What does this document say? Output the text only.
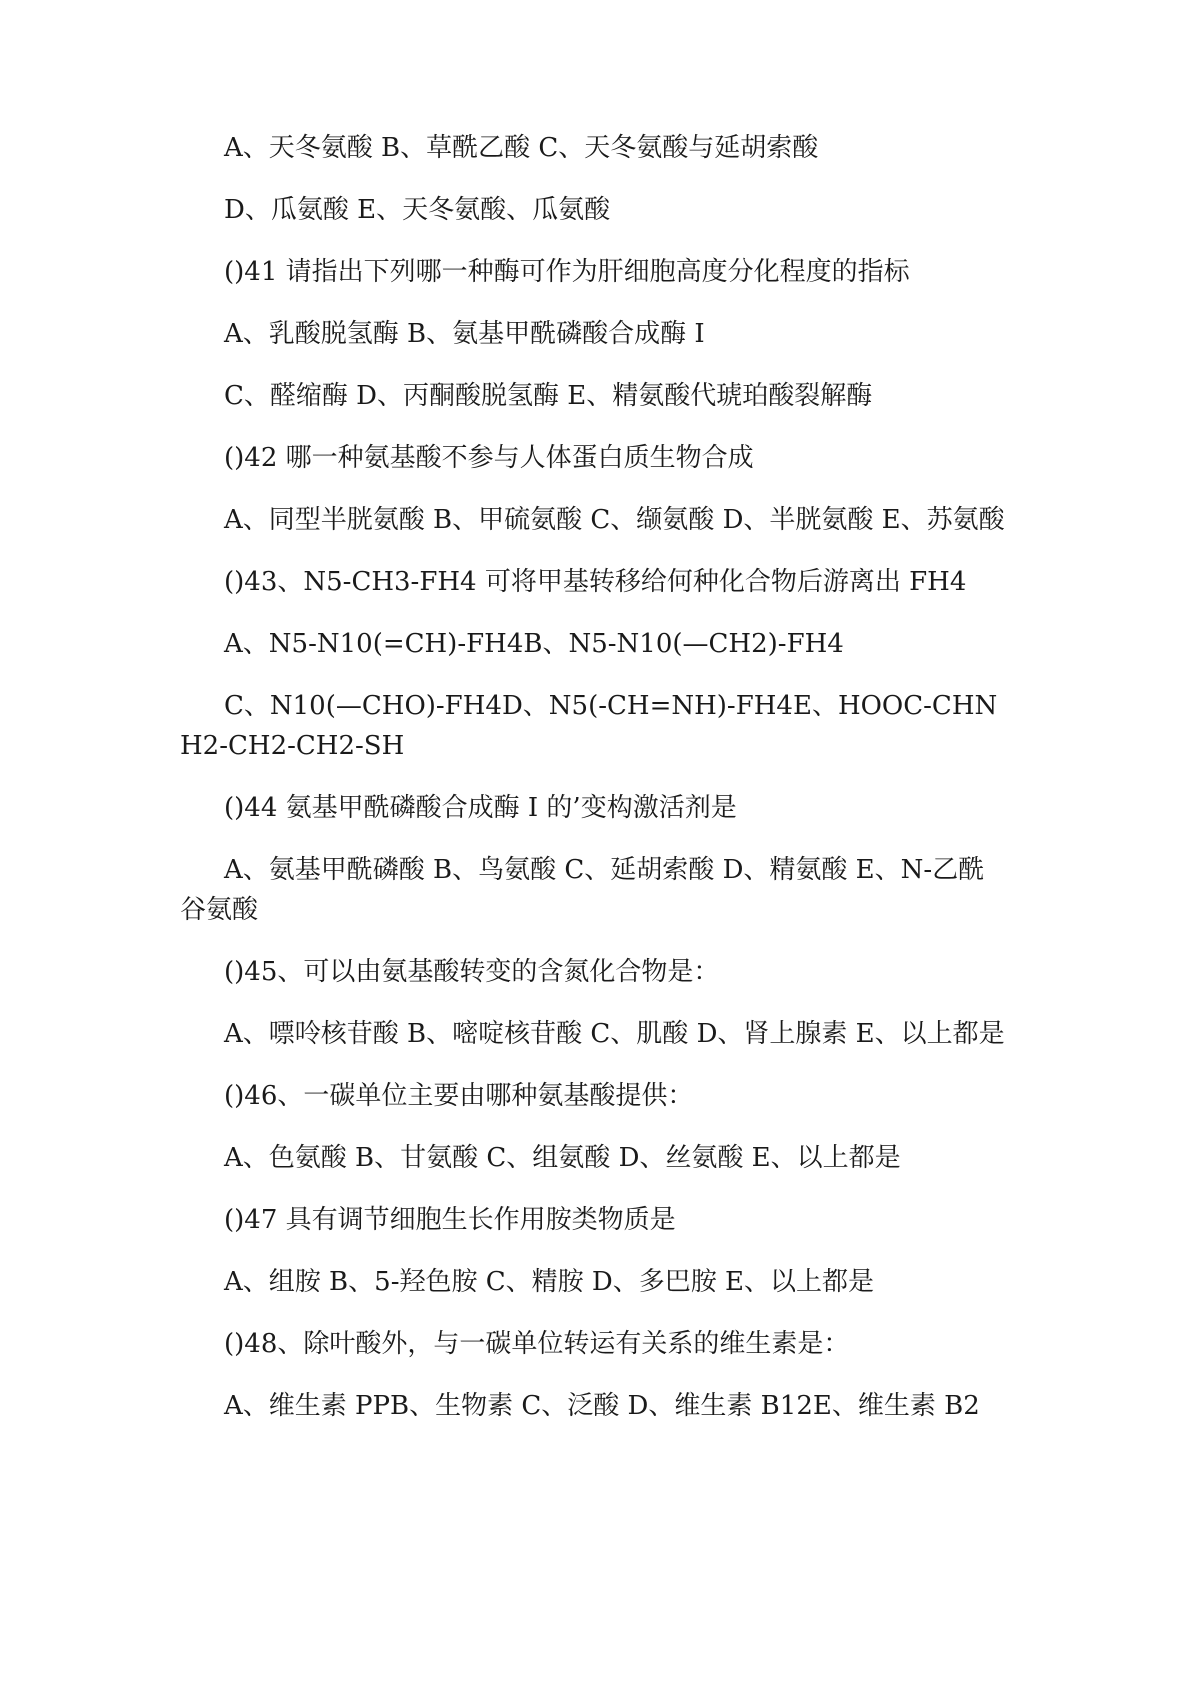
A、天冬氨酸 B、草酰乙酸 C、天冬氨酸与延胡索酸

D、瓜氨酸 E、天冬氨酸、瓜氨酸

()41 请指出下列哪一种酶可作为肝细胞高度分化程度的指标

A、乳酸脱氢酶 B、氨基甲酰磷酸合成酶 I

C、醛缩酶 D、丙酮酸脱氢酶 E、精氨酸代琥珀酸裂解酶

()42 哪一种氨基酸不参与人体蛋白质生物合成

A、同型半胱氨酸 B、甲硫氨酸 C、缬氨酸 D、半胱氨酸 E、苏氨酸

()43、N5-CH3-FH4 可将甲基转移给何种化合物后游离出 FH4

A、N5-N10(=CH)-FH4B、N5-N10(—CH2)-FH4

C、N10(—CHO)-FH4D、N5(-CH=NH)-FH4E、HOOC-CHNH2-CH2-CH2-SH

()44 氨基甲酰磷酸合成酶 I 的’变构激活剂是

A、氨基甲酰磷酸 B、鸟氨酸 C、延胡索酸 D、精氨酸 E、N-乙酰谷氨酸

()45、可以由氨基酸转变的含氮化合物是：

A、嘌呤核苷酸 B、嘧啶核苷酸 C、肌酸 D、肾上腺素 E、以上都是

()46、一碳单位主要由哪种氨基酸提供：

A、色氨酸 B、甘氨酸 C、组氨酸 D、丝氨酸 E、以上都是

()47 具有调节细胞生长作用胺类物质是

A、组胺 B、5-羟色胺 C、精胺 D、多巴胺 E、以上都是

()48、除叶酸外，与一碳单位转运有关系的维生素是：

A、维生素 PPB、生物素 C、泛酸 D、维生素 B12E、维生素 B2
